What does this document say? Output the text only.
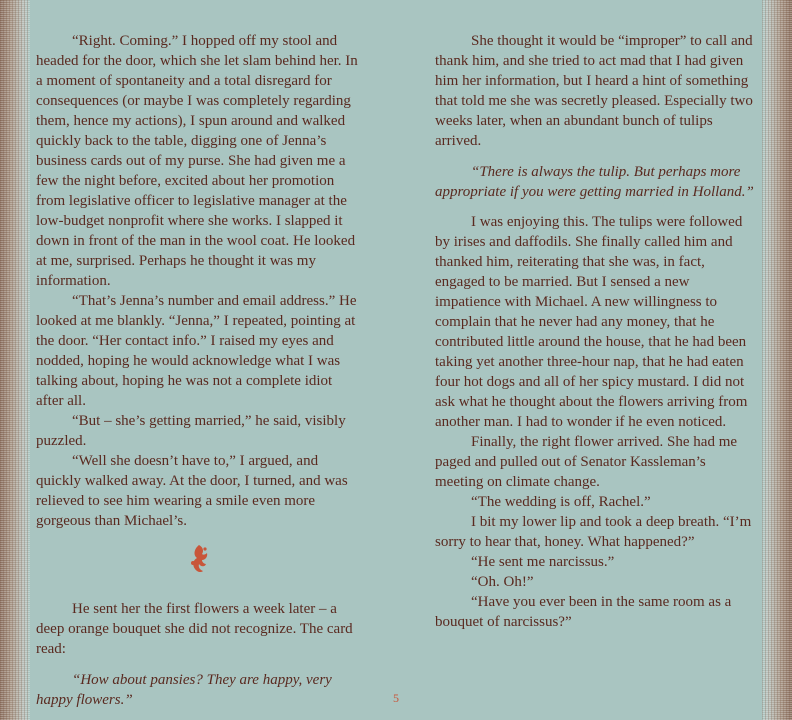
“Right. Coming.” I hopped off my stool and headed for the door, which she let slam behind her. In a moment of spontaneity and a total disregard for consequences (or maybe I was completely regarding them, hence my actions), I spun around and walked quickly back to the table, digging one of Jenna’s business cards out of my purse. She had given me a few the night before, excited about her promotion from legislative officer to legislative manager at the low-budget nonprofit where she works. I slapped it down in front of the man in the wool coat. He looked at me, surprised. Perhaps he thought it was my information.

“That’s Jenna’s number and email address.” He looked at me blankly. “Jenna,” I repeated, pointing at the door. “Her contact info.” I raised my eyes and nodded, hoping he would acknowledge what I was talking about, hoping he was not a complete idiot after all.

“But – she’s getting married,” he said, visibly puzzled.

“Well she doesn’t have to,” I argued, and quickly walked away. At the door, I turned, and was relieved to see him wearing a smile even more gorgeous than Michael’s.

He sent her the first flowers a week later – a deep orange bouquet she did not recognize. The card read:

“How about pansies? They are happy, very happy flowers.”

She thought it would be “improper” to call and thank him, and she tried to act mad that I had given him her information, but I heard a hint of something that told me she was secretly pleased. Especially two weeks later, when an abundant bunch of tulips arrived.

“There is always the tulip. But perhaps more appropriate if you were getting married in Holland.”

I was enjoying this. The tulips were followed by irises and daffodils. She finally called him and thanked him, reiterating that she was, in fact, engaged to be married. But I sensed a new impatience with Michael. A new willingness to complain that he never had any money, that he contributed little around the house, that he had been taking yet another three-hour nap, that he had eaten four hot dogs and all of her spicy mustard. I did not ask what he thought about the flowers arriving from another man. I had to wonder if he even noticed.

Finally, the right flower arrived. She had me paged and pulled out of Senator Kassleman’s meeting on climate change.

“The wedding is off, Rachel.”

I bit my lower lip and took a deep breath. “I’m sorry to hear that, honey. What happened?”

“He sent me narcissus.”

“Oh. Oh!”

“Have you ever been in the same room as a bouquet of narcissus?”

5
